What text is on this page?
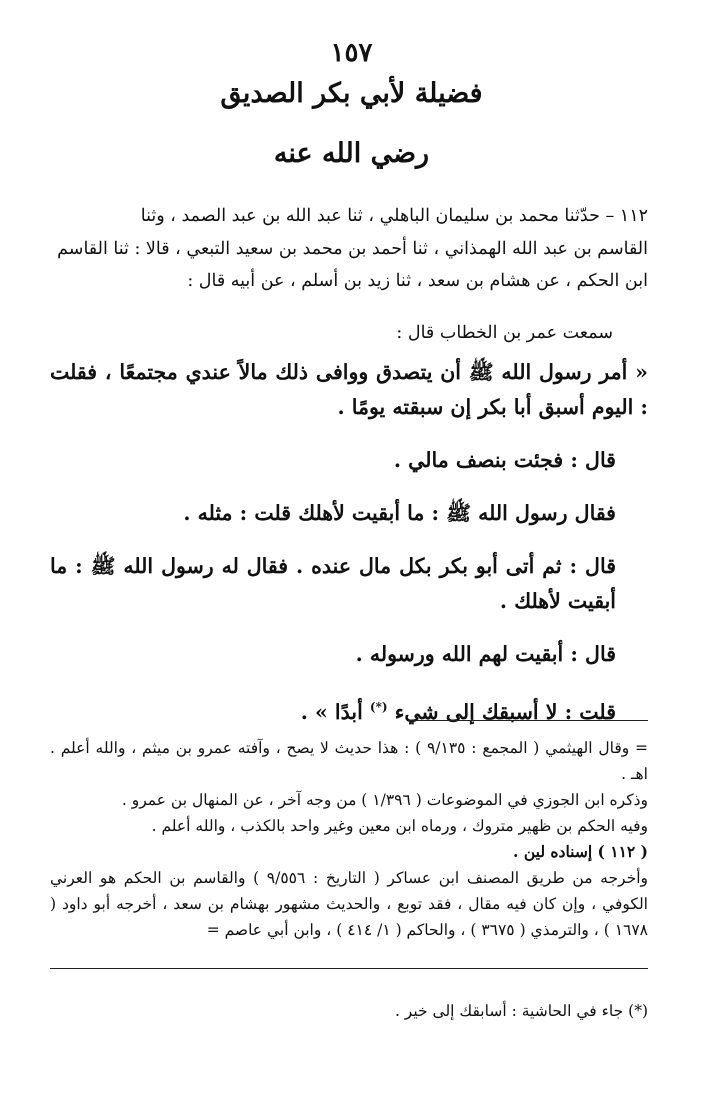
١٥٧
فضيلة لأبي بكر الصديق
رضي الله عنه

١١٢ – حدّثنا محمد بن سليمان الباهلي ، ثنا عبد الله بن عبد الصمد ، وثنا

القاسم بن عبد الله الهمذاني ، ثنا أحمد بن محمد بن سعيد التبعي ، قالا : ثنا القاسم

ابن الحكم ، عن هشام بن سعد ، ثنا زيد بن أسلم ، عن أبيه قال :

سمعت عمر بن الخطاب قال :

« أمر رسول الله ﷺ أن يتصدق ووافى ذلك مالاً عندي مجتمعًا ، فقلت : اليوم أسبق أبا بكر إن سبقته يومًا .

قال : فجئت بنصف مالي .

فقال رسول الله ﷺ : ما أبقيت لأهلك قلت : مثله .

قال : ثم أتى أبو بكر بكل مال عنده . فقال له رسول الله ﷺ : ما أبقيت لأهلك .

قال : أبقيت لهم الله ورسوله .

قلت : لا أسبقك إلى شيء (*) أبدًا » .

= وقال الهيثمي ( المجمع : ٩/١٣٥ ) : هذا حديث لا يصح ، وآفته عمرو بن ميثم ، والله أعلم . اهـ .

وذكره ابن الجوزي في الموضوعات ( ١/٣٩٦ ) من وجه آخر ، عن المنهال بن عمرو .

وفيه الحكم بن ظهير متروك ، ورماه ابن معين وغير واحد بالكذب ، والله أعلم .

( ١١٢ ) إسناده لين .

وأخرجه من طريق المصنف ابن عساكر ( التاريخ : ٩/٥٥٦ ) والقاسم بن الحكم هو العرني الكوفي ، وإن كان فيه مقال ، فقد توبع ، والحديث مشهور بهشام بن سعد ، أخرجه أبو داود ( ١٦٧٨ ) ، والترمذي ( ٣٦٧٥ ) ، والحاكم ( ١/ ٤١٤ ) ، وابن أبي عاصم =

(*) جاء في الحاشية : أسابقك إلى خير .
